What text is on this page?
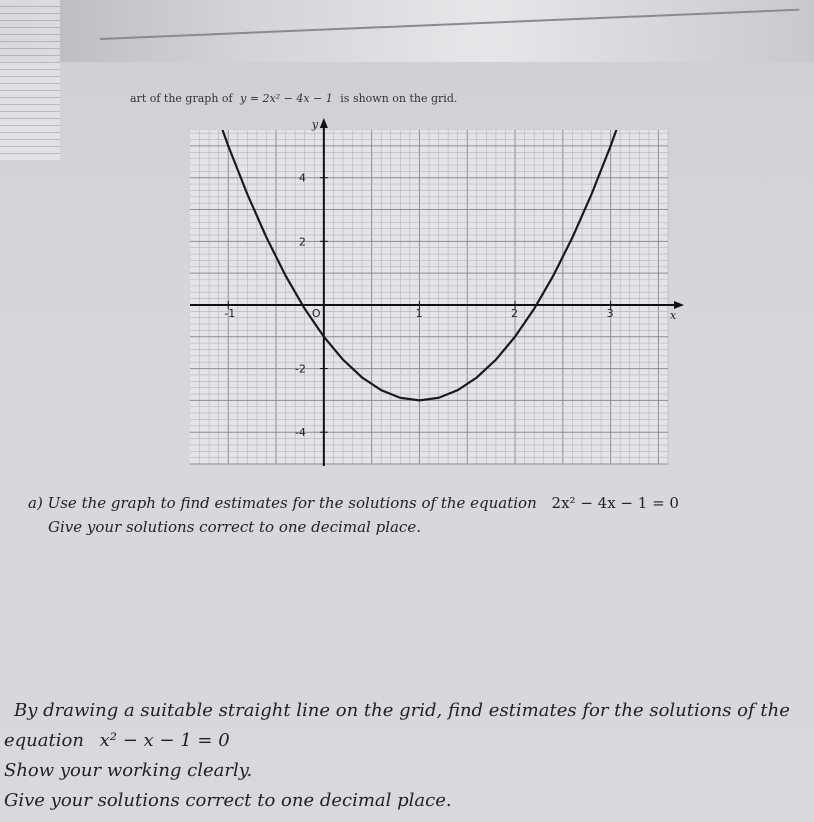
art of the graph of y = 2x² − 4x − 1 is shown on the grid.
x
y
-1	O	1	2	3
4
2
-2
-4
a) Use the graph to find estimates for the solutions of the equation 2x² − 4x − 1 = 0
Give your solutions correct to one decimal place.
By drawing a suitable straight line on the grid, find estimates for the solutions of the
equation x² − x − 1 = 0
Show your working clearly.
Give your solutions correct to one decimal place.
